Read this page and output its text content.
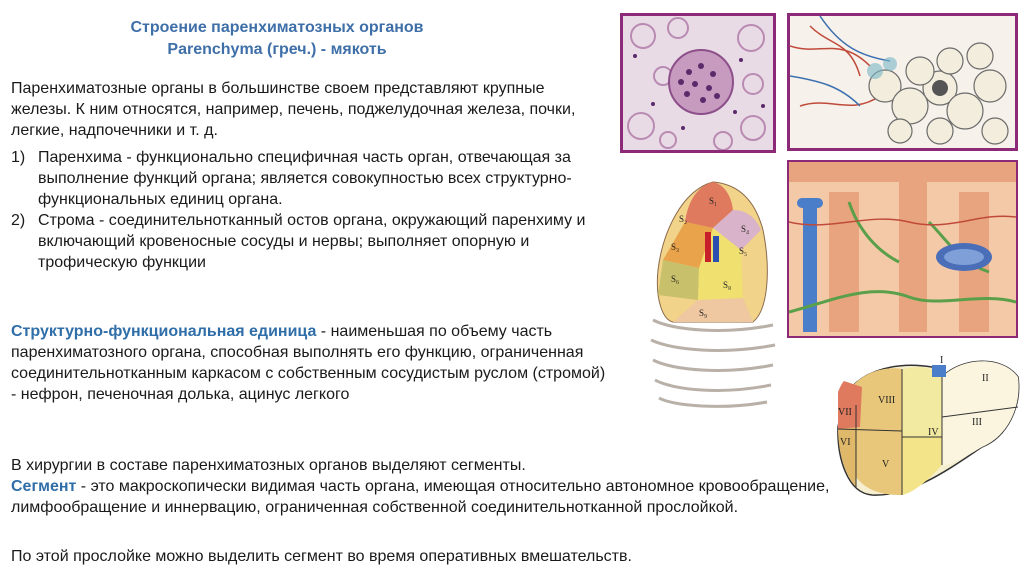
Строение паренхиматозных органов
Parenchyma (греч.) - мякоть
Паренхиматозные органы в большинстве своем представляют крупные железы. К ним относятся, например, печень, поджелудочная железа, почки, легкие, надпочечники и т. д.
1) Паренхима - функционально специфичная часть орган, отвечающая за выполнение функций органа; является совокупностью всех структурно-функциональных единиц органа.
2) Строма - соединительнотканный остов органа, окружающий паренхиму и включающий кровеносные сосуды и нервы; выполняет опорную и трофическую функции
Структурно-функциональная единица - наименьшая по объему часть паренхиматозного органа, способная выполнять его функцию, ограниченная соединительнотканным каркасом с собственным сосудистым руслом (стромой) - нефрон, печеночная долька, ацинус легкого
В хирургии в составе паренхиматозных органов выделяют сегменты.
Сегмент - это макроскопически видимая часть органа, имеющая относительно автономное кровообращение, лимфообращение и иннервацию, ограниченная собственной соединительнотканной прослойкой.
По этой прослойке можно выделить сегмент во время оперативных вмешательств.
S₁
S₂
S₃
S₄
S₅
S₆
S₈
S₉
I
II
III
IV
V
VI
VII
VIII
